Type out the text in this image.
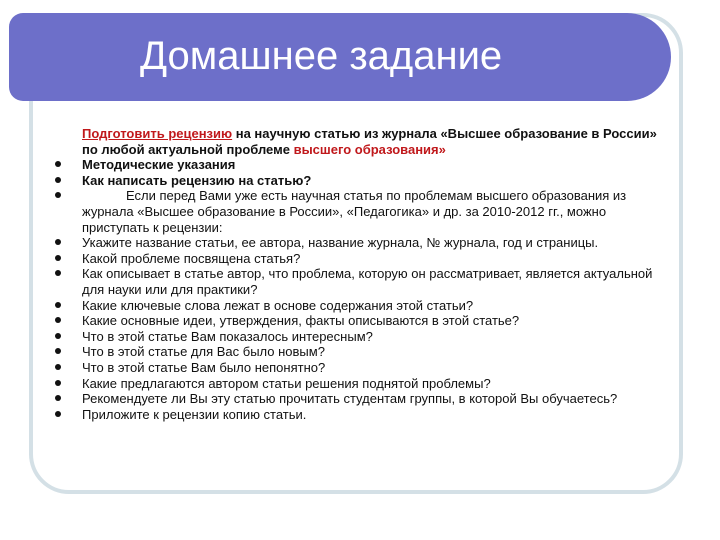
Домашнее задание
Подготовить рецензию на научную статью из журнала «Высшее образование в России» по любой актуальной проблеме высшего образования»
Методические указания
Как написать рецензию на статью?
Если перед Вами уже есть научная статья по проблемам высшего образования из журнала «Высшее образование в России», «Педагогика» и др. за 2010-2012 гг., можно приступать к рецензии:
Укажите название статьи, ее автора, название журнала, № журнала, год и страницы.
Какой проблеме посвящена статья?
Как описывает в статье автор, что проблема, которую он рассматривает, является актуальной для науки или для практики?
Какие ключевые слова лежат в основе содержания этой статьи?
Какие основные идеи, утверждения, факты описываются в этой статье?
Что в этой статье Вам показалось интересным?
Что в этой статье для Вас было новым?
Что в этой статье Вам было непонятно?
Какие предлагаются автором статьи решения поднятой проблемы?
Рекомендуете ли Вы эту статью прочитать студентам группы, в которой Вы обучаетесь?
Приложите к рецензии копию статьи.
